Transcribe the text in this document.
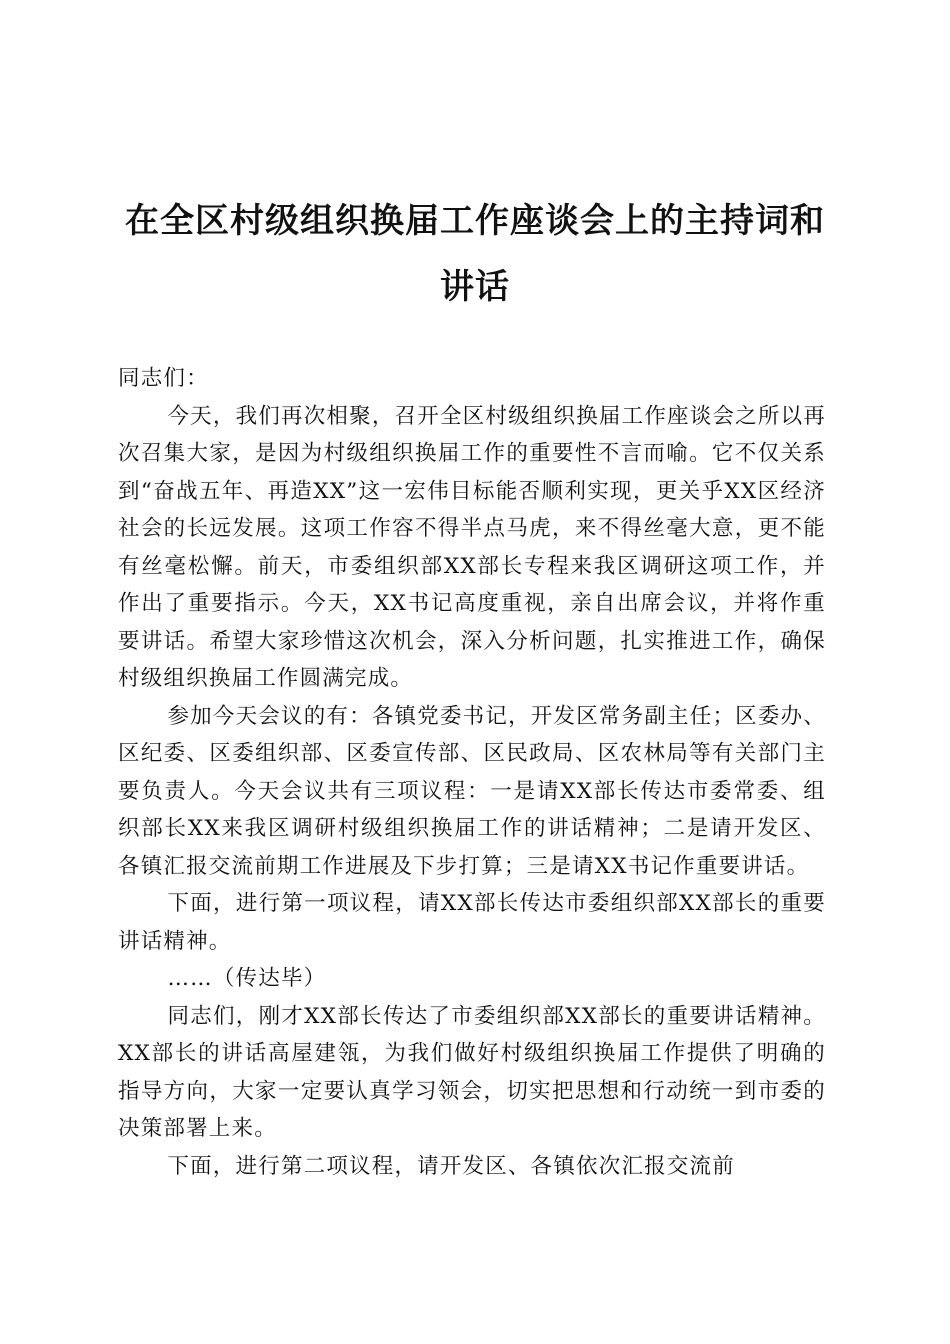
在全区村级组织换届工作座谈会上的主持词和讲话

同志们：

今天，我们再次相聚，召开全区村级组织换届工作座谈会之所以再次召集大家，是因为村级组织换届工作的重要性不言而喻。它不仅关系到“奋战五年、再造XX”这一宏伟目标能否顺利实现，更关乎XX区经济社会的长远发展。这项工作容不得半点马虎，来不得丝毫大意，更不能有丝毫松懈。前天，市委组织部XX部长专程来我区调研这项工作，并作出了重要指示。今天，XX书记高度重视，亲自出席会议，并将作重要讲话。希望大家珍惜这次机会，深入分析问题，扎实推进工作，确保村级组织换届工作圆满完成。

参加今天会议的有：各镇党委书记，开发区常务副主任；区委办、区纪委、区委组织部、区委宣传部、区民政局、区农林局等有关部门主要负责人。今天会议共有三项议程：一是请XX部长传达市委常委、组织部长XX来我区调研村级组织换届工作的讲话精神；二是请开发区、各镇汇报交流前期工作进展及下步打算；三是请XX书记作重要讲话。

下面，进行第一项议程，请XX部长传达市委组织部XX部长的重要讲话精神。

……（传达毕）

同志们，刚才XX部长传达了市委组织部XX部长的重要讲话精神。XX部长的讲话高屋建瓴，为我们做好村级组织换届工作提供了明确的指导方向，大家一定要认真学习领会，切实把思想和行动统一到市委的决策部署上来。

下面，进行第二项议程，请开发区、各镇依次汇报交流前
